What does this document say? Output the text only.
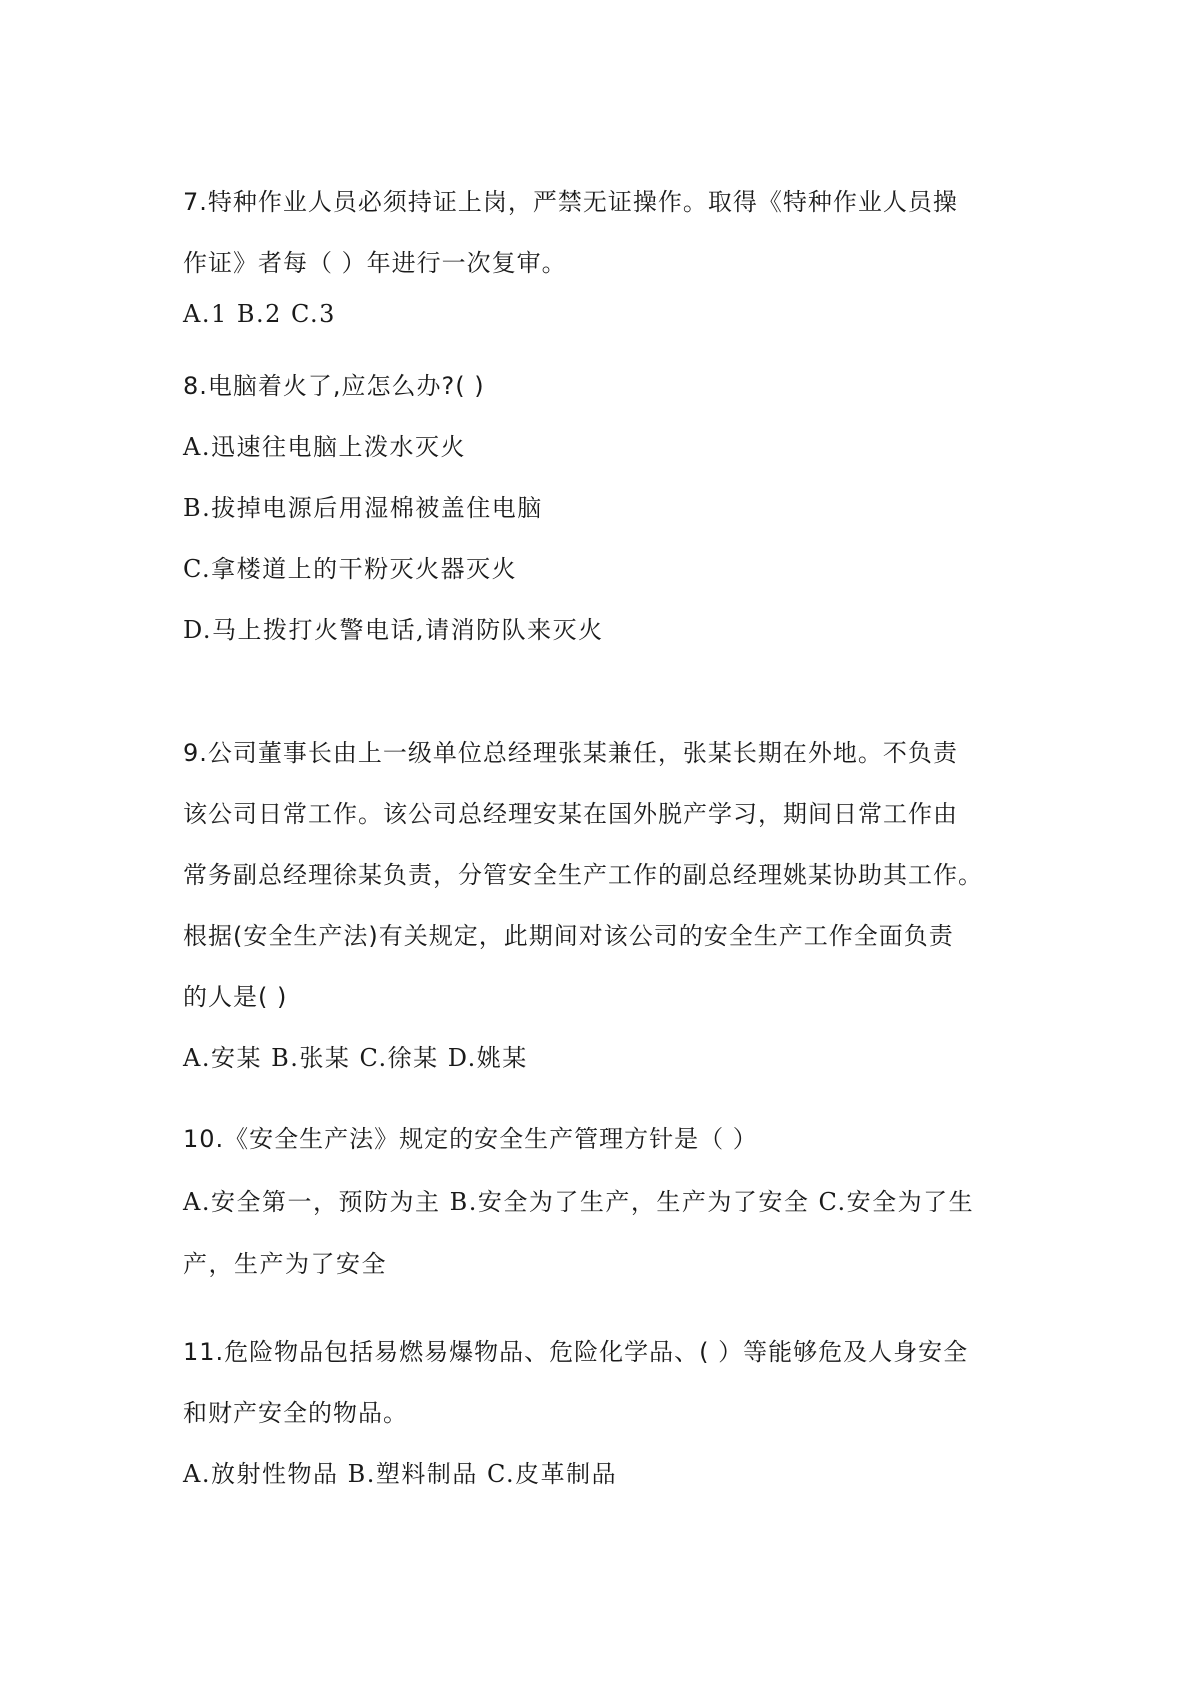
7.特种作业人员必须持证上岗，严禁无证操作。取得《特种作业人员操
作证》者每（ ）年进行一次复审。
A.1 B.2 C.3
8.电脑着火了,应怎么办?( )
A.迅速往电脑上泼水灭火
B.拔掉电源后用湿棉被盖住电脑
C.拿楼道上的干粉灭火器灭火
D.马上拨打火警电话,请消防队来灭火
9.公司董事长由上一级单位总经理张某兼任，张某长期在外地。不负责
该公司日常工作。该公司总经理安某在国外脱产学习，期间日常工作由
常务副总经理徐某负责，分管安全生产工作的副总经理姚某协助其工作。
根据(安全生产法)有关规定，此期间对该公司的安全生产工作全面负责
的人是( )
A.安某 B.张某 C.徐某 D.姚某
10.《安全生产法》规定的安全生产管理方针是（ ）
A.安全第一，预防为主 B.安全为了生产，生产为了安全 C.安全为了生
产，生产为了安全
11.危险物品包括易燃易爆物品、危险化学品、( ）等能够危及人身安全
和财产安全的物品。
A.放射性物品 B.塑料制品 C.皮革制品
